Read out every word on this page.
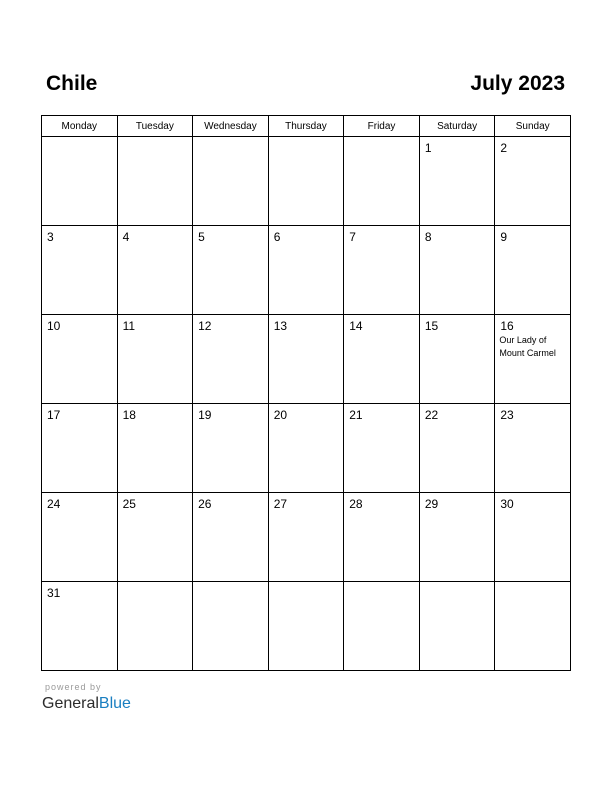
Chile	July 2023
Monday	Tuesday	Wednesday	Thursday	Friday	Saturday	Sunday

					1	2

3	4	5	6	7	8	9

10	11	12	13	14	15	16
Our Lady of Mount Carmel

17	18	19	20	21	22	23

24	25	26	27	28	29	30

31						

powered by
GeneralBlue
